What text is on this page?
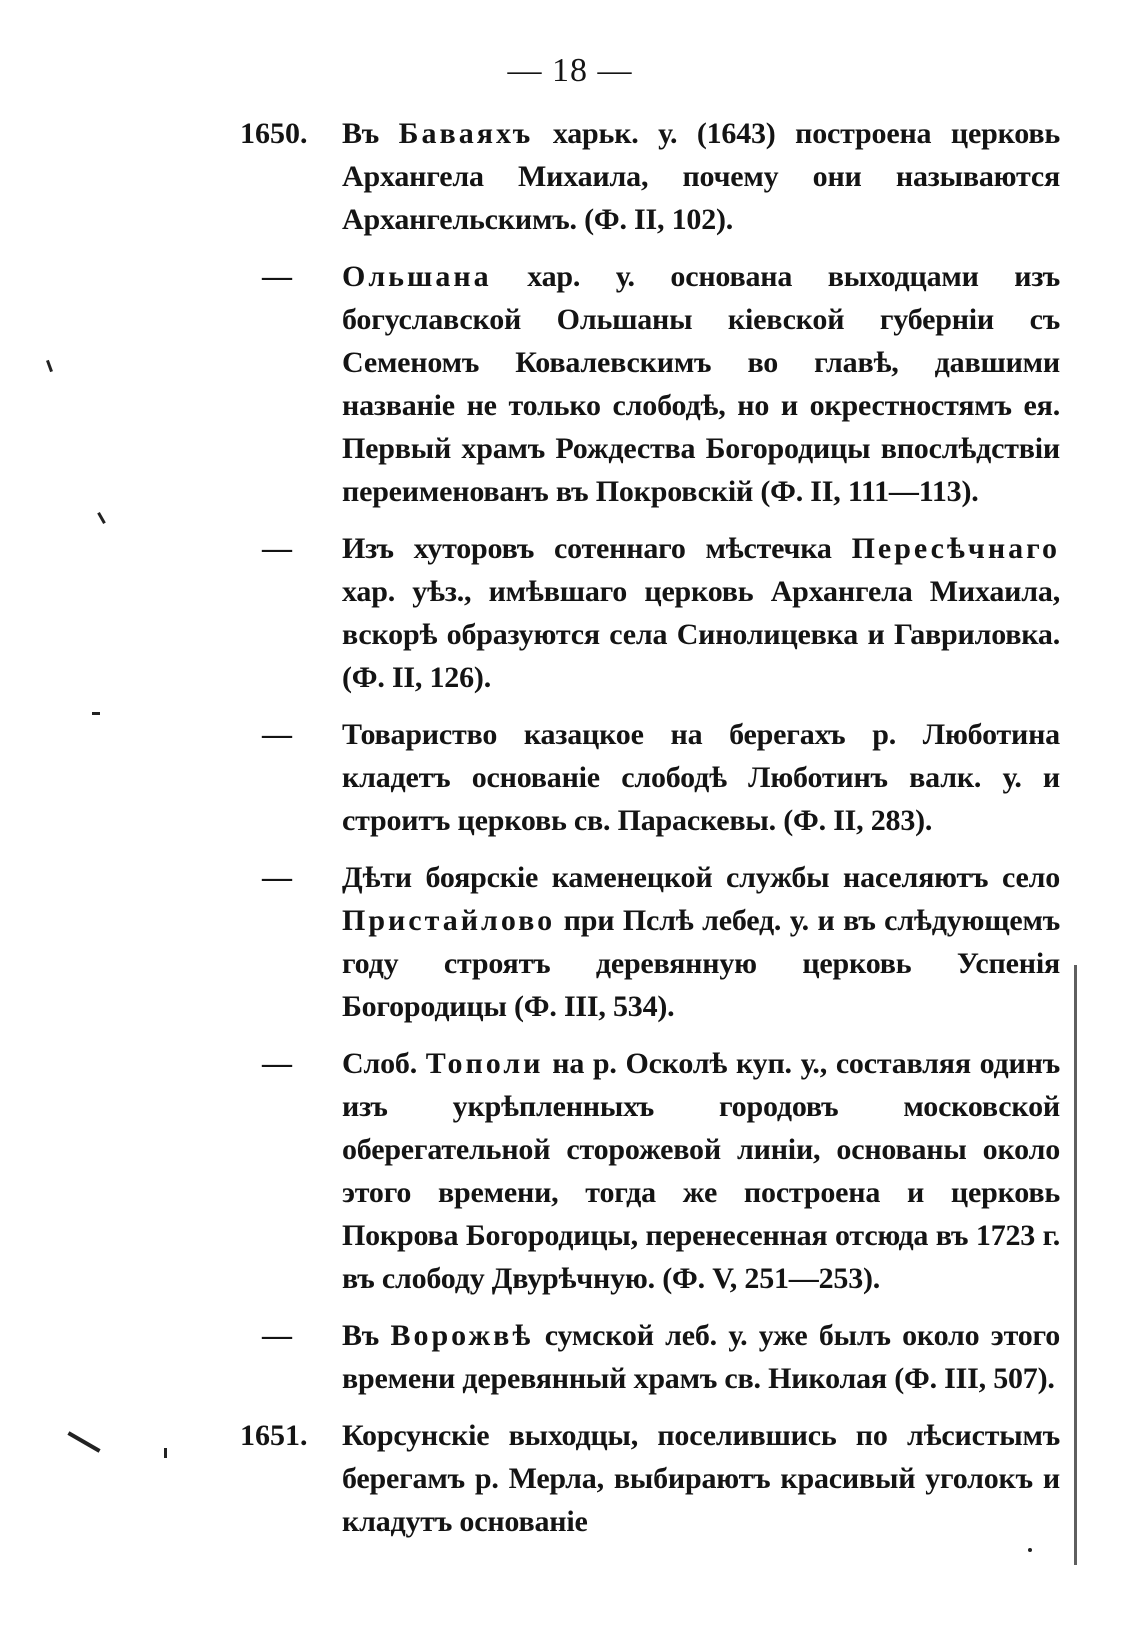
— 18 —
1650.	Въ Баваяхъ харьк. у. (1643) построена церковь Архангела Михаила, почему они называются Архангельскимъ. (Ф. II, 102).
—	Ольшана хар. у. основана выходцами изъ богуславской Ольшаны кіевской губерніи съ Семеномъ Ковалевскимъ во главѣ, давшими названіе не только слободѣ, но и окрестностямъ ея. Первый храмъ Рождества Богородицы впослѣдствіи переименованъ въ Покровскій (Ф. II, 111—113).
—	Изъ хуторовъ сотеннаго мѣстечка Пересѣчнаго хар. уѣз., имѣвшаго церковь Архангела Михаила, вскорѣ образуются села Синолицевка и Гавриловка. (Ф. II, 126).
—	Товариство казацкое на берегахъ р. Люботина кладетъ основаніе слободѣ Люботинъ валк. у. и строитъ церковь св. Параскевы. (Ф. II, 283).
—	Дѣти боярскіе каменецкой службы населяютъ село Пристайлово при Пслѣ лебед. у. и въ слѣдующемъ году строятъ деревянную церковь Успенія Богородицы (Ф. III, 534).
—	Слоб. Тополи на р. Осколѣ куп. у., составляя одинъ изъ укрѣпленныхъ городовъ московской оберегательной сторожевой линіи, основаны около этого времени, тогда же построена и церковь Покрова Богородицы, перенесенная отсюда въ 1723 г. въ слободу Двурѣчную. (Ф. V, 251—253).
—	Въ Ворожвѣ сумской леб. у. уже былъ около этого времени деревянный храмъ св. Николая (Ф. III, 507).
1651.	Корсунскіе выходцы, поселившись по лѣсистымъ берегамъ р. Мерла, выбираютъ красивый уголокъ и кладутъ основаніе
